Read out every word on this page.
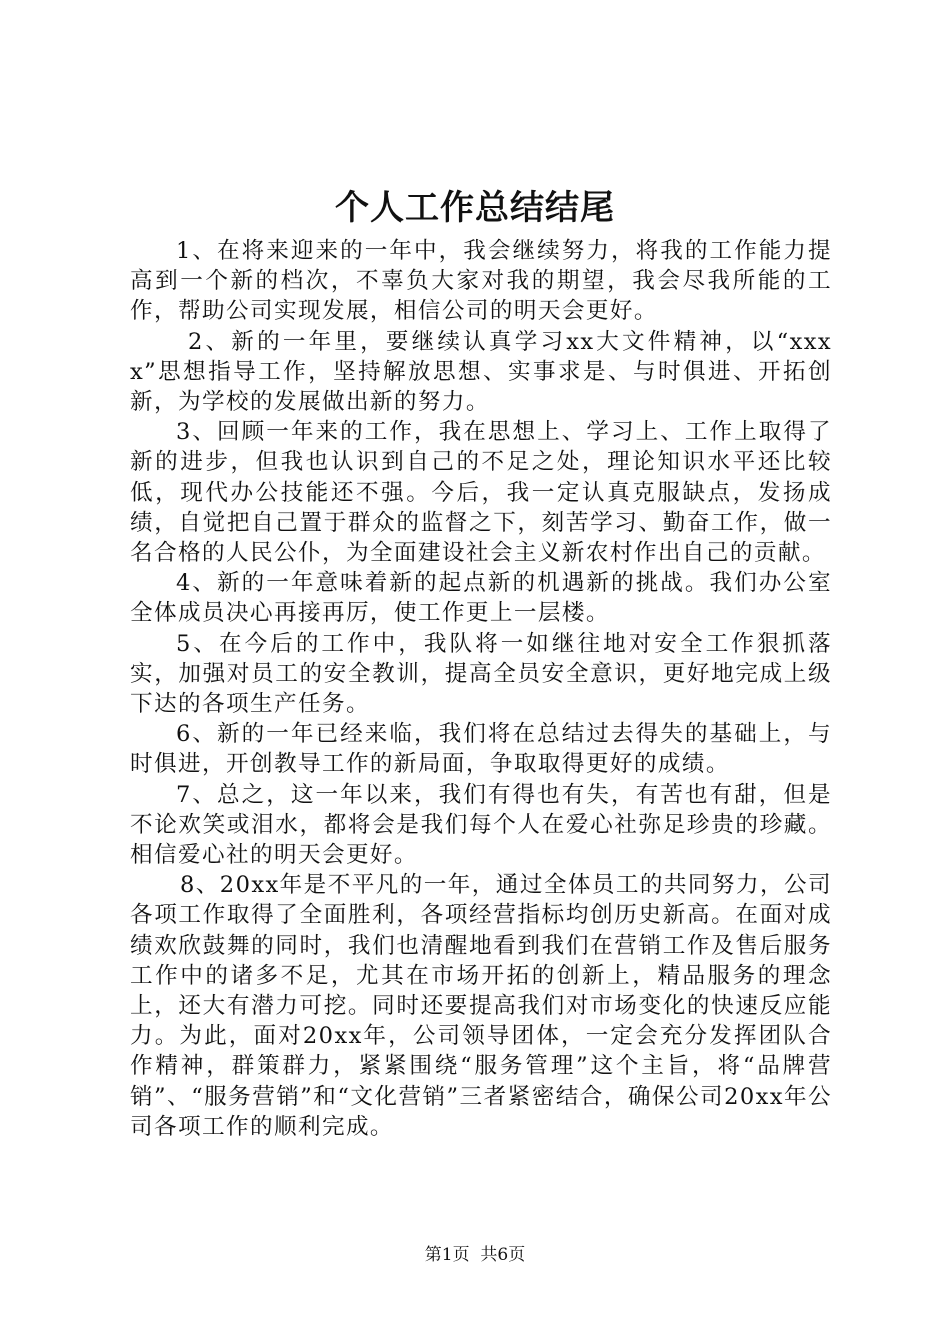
个人工作总结结尾

1、在将来迎来的一年中，我会继续努力，将我的工作能力提高到一个新的档次，不辜负大家对我的期望，我会尽我所能的工作，帮助公司实现发展，相信公司的明天会更好。

2、新的一年里，要继续认真学习xx大文件精神，以“xxxx”思想指导工作，坚持解放思想、实事求是、与时俱进、开拓创新，为学校的发展做出新的努力。

3、回顾一年来的工作，我在思想上、学习上、工作上取得了新的进步，但我也认识到自己的不足之处，理论知识水平还比较低，现代办公技能还不强。今后，我一定认真克服缺点，发扬成绩，自觉把自己置于群众的监督之下，刻苦学习、勤奋工作，做一名合格的人民公仆，为全面建设社会主义新农村作出自己的贡献。

4、新的一年意味着新的起点新的机遇新的挑战。我们办公室全体成员决心再接再厉，使工作更上一层楼。

5、在今后的工作中，我队将一如继往地对安全工作狠抓落实，加强对员工的安全教训，提高全员安全意识，更好地完成上级下达的各项生产任务。

6、新的一年已经来临，我们将在总结过去得失的基础上，与时俱进，开创教导工作的新局面，争取取得更好的成绩。

7、总之，这一年以来，我们有得也有失，有苦也有甜，但是不论欢笑或泪水，都将会是我们每个人在爱心社弥足珍贵的珍藏。相信爱心社的明天会更好。

8、20xx年是不平凡的一年，通过全体员工的共同努力，公司各项工作取得了全面胜利，各项经营指标均创历史新高。在面对成绩欢欣鼓舞的同时，我们也清醒地看到我们在营销工作及售后服务工作中的诸多不足，尤其在市场开拓的创新上，精品服务的理念上，还大有潜力可挖。同时还要提高我们对市场变化的快速反应能力。为此，面对20xx年，公司领导团体，一定会充分发挥团队合作精神，群策群力，紧紧围绕“服务管理”这个主旨，将“品牌营销”、“服务营销”和“文化营销”三者紧密结合，确保公司20xx年公司各项工作的顺利完成。

第1页  共6页
